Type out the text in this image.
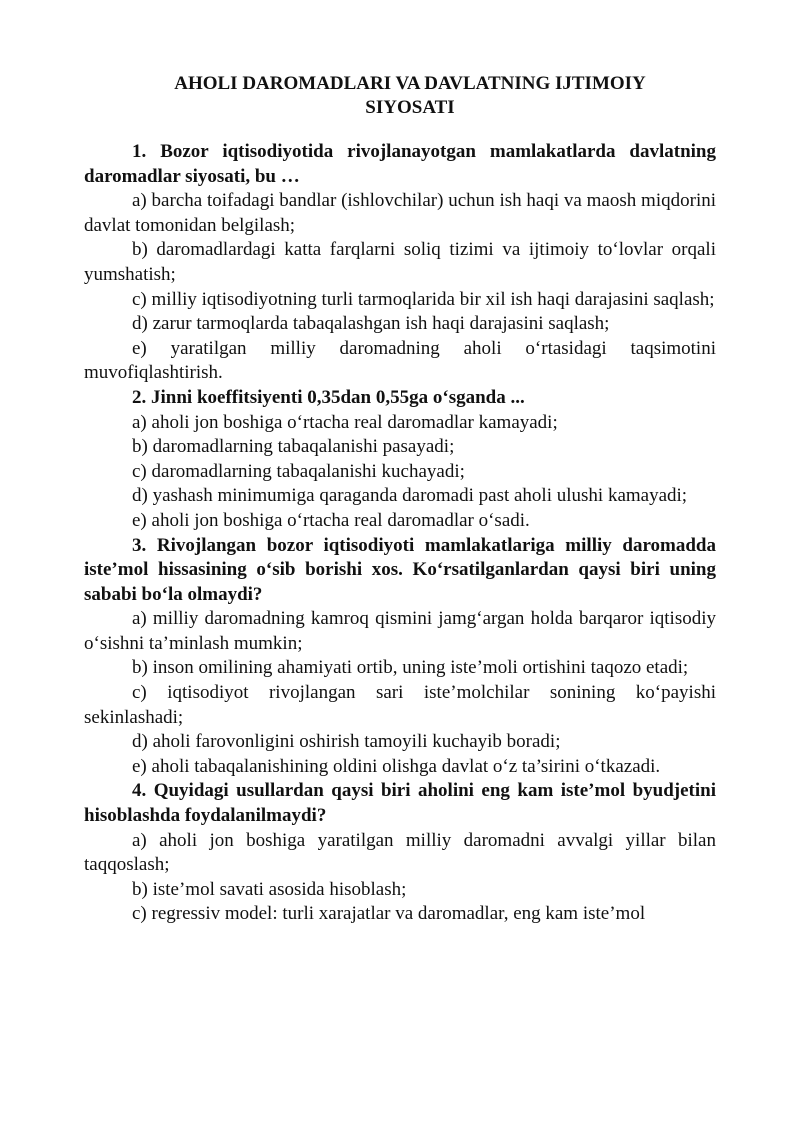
AHOLI DAROMADLARI VA DAVLATNING IJTIMOIY
SIYOSATI

1. Bozor iqtisodiyotida rivojlanayotgan mamlakatlarda davlatning daromadlar siyosati, bu …

a) barcha toifadagi bandlar (ishlovchilar) uchun ish haqi va maosh miqdorini davlat tomonidan belgilash;

b) daromadlardagi katta farqlarni soliq tizimi va ijtimoiy to‘lovlar orqali yumshatish;

c) milliy iqtisodiyotning turli tarmoqlarida bir xil ish haqi darajasini saqlash;

d) zarur tarmoqlarda tabaqalashgan ish haqi darajasini saqlash;

e) yaratilgan milliy daromadning aholi o‘rtasidagi taqsimotini muvofiqlashtirish.

2. Jinni koeffitsiyenti 0,35dan 0,55ga o‘sganda ...

a) aholi jon boshiga o‘rtacha real daromadlar kamayadi;

b) daromadlarning tabaqalanishi pasayadi;

c) daromadlarning tabaqalanishi kuchayadi;

d) yashash minimumiga qaraganda daromadi past aholi ulushi kamayadi;

e) aholi jon boshiga o‘rtacha real daromadlar o‘sadi.

3. Rivojlangan bozor iqtisodiyoti mamlakatlariga milliy daromadda iste’mol hissasining o‘sib borishi xos. Ko‘rsatilganlardan qaysi biri uning sababi bo‘la olmaydi?

a) milliy daromadning kamroq qismini jamg‘argan holda barqaror iqtisodiy o‘sishni ta’minlash mumkin;

b) inson omilining ahamiyati ortib, uning iste’moli ortishini taqozo etadi;

c) iqtisodiyot rivojlangan sari iste’molchilar sonining ko‘payishi sekinlashadi;

d) aholi farovonligini oshirish tamoyili kuchayib boradi;

e) aholi tabaqalanishining oldini olishga davlat o‘z ta’sirini o‘tkazadi.

4. Quyidagi usullardan qaysi biri aholini eng kam iste’mol byudjetini hisoblashda foydalanilmaydi?

a) aholi jon boshiga yaratilgan milliy daromadni avvalgi yillar bilan taqqoslash;

b) iste’mol savati asosida hisoblash;

c) regressiv model: turli xarajatlar va daromadlar, eng kam iste’mol
